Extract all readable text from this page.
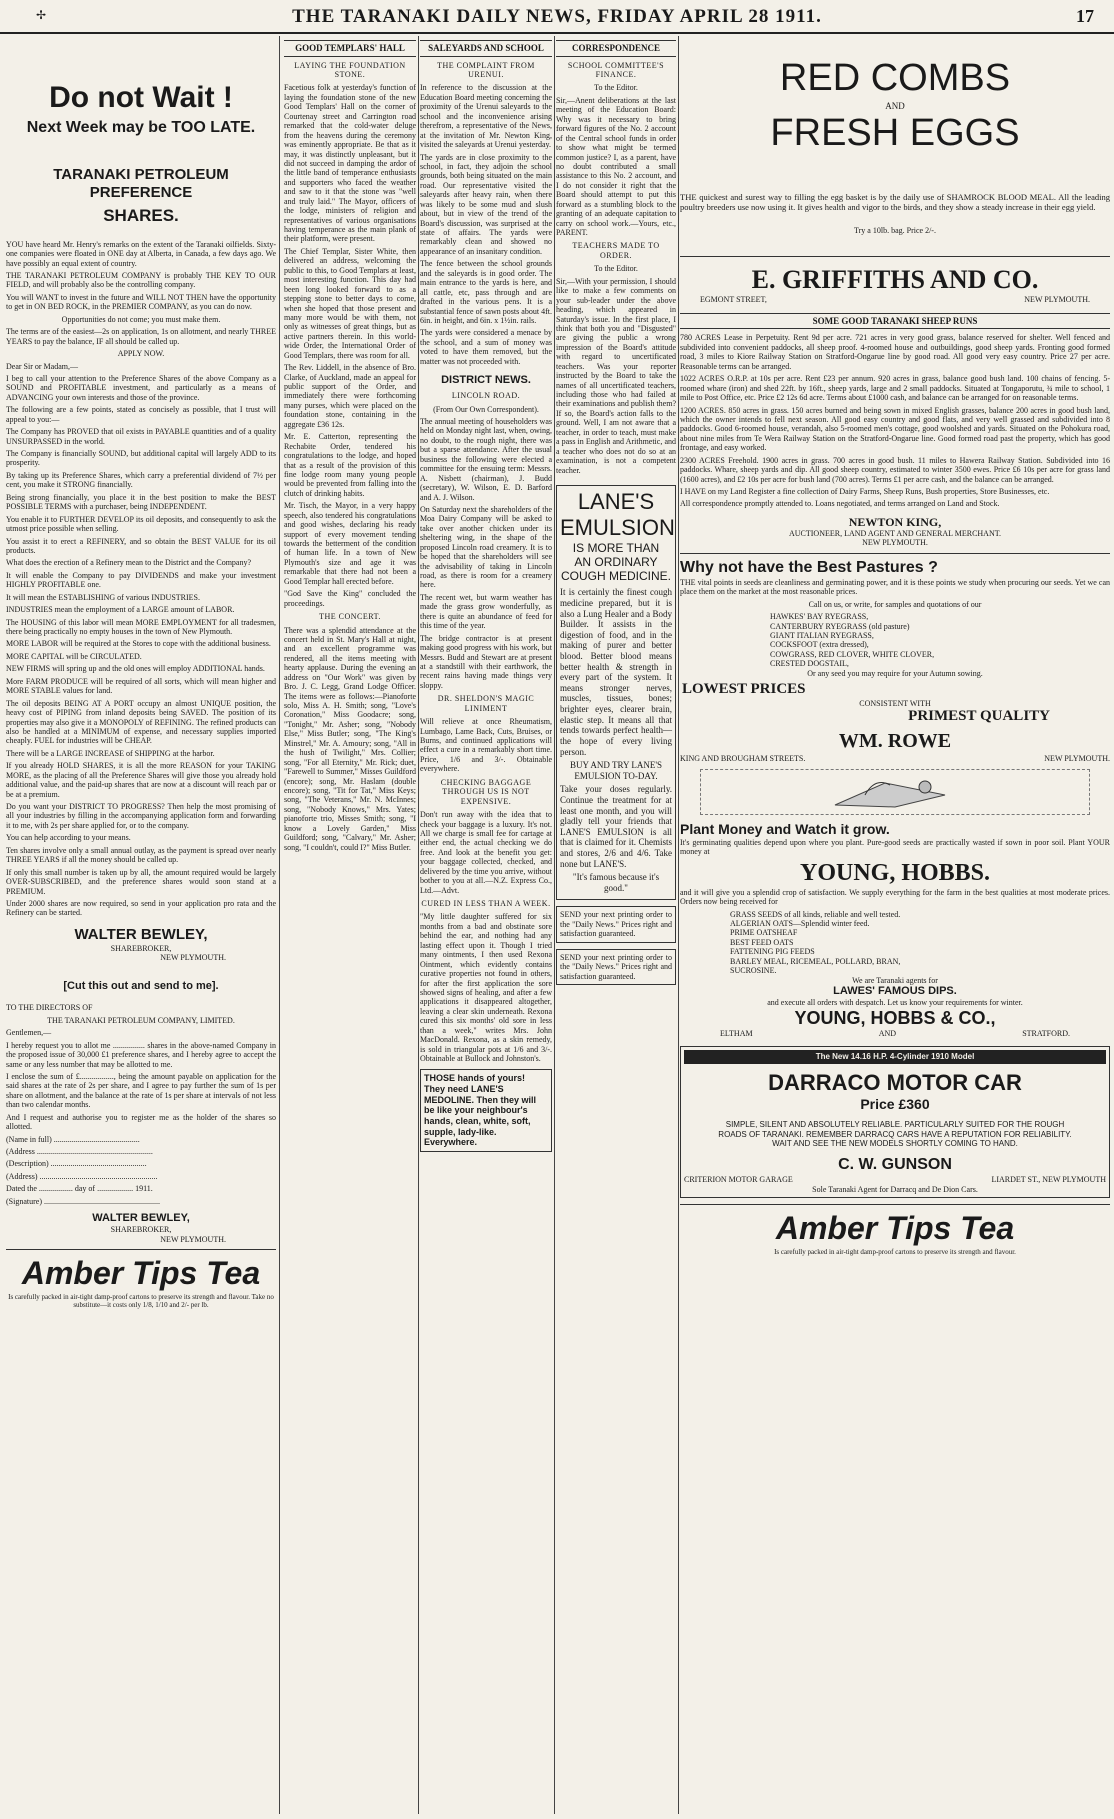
✢	THE TARANAKI DAILY NEWS, FRIDAY APRIL 28 1911.	17
Do not Wait !
Next Week may be TOO LATE.
TARANAKI PETROLEUM PREFERENCE
SHARES.

YOU have heard Mr. Henry's remarks on the extent of the Taranaki oilfields. Sixty-one companies were floated in ONE day at Alberta, in Canada, a few days ago. We have possibly an equal extent of country.

THE TARANAKI PETROLEUM COMPANY is probably THE KEY TO OUR FIELD, and will probably also be the controlling company.

You will WANT to invest in the future and WILL NOT THEN have the opportunity to get in ON BED ROCK, in the PREMIER COMPANY, as you can do now.

Opportunities do not come; you must make them.

The terms are of the easiest—2s on application, 1s on allotment, and nearly THREE YEARS to pay the balance, IF all should be called up.

APPLY NOW.

Dear Sir or Madam,—

I beg to call your attention to the Preference Shares of the above Company as a SOUND and PROFITABLE investment, and particularly as a means of ADVANCING your own interests and those of the province.

The following are a few points, stated as concisely as possible, that I trust will appeal to you:—

The Company has PROVED that oil exists in PAYABLE quantities and of a quality UNSURPASSED in the world.

The Company is financially SOUND, but additional capital will largely ADD to its prosperity.

By taking up its Preference Shares, which carry a preferential dividend of 7½ per cent, you make it STRONG financially.

Being strong financially, you place it in the best position to make the BEST POSSIBLE TERMS with a purchaser, being INDEPENDENT.

You enable it to FURTHER DEVELOP its oil deposits, and consequently to ask the utmost price possible when selling.

You assist it to erect a REFINERY, and so obtain the BEST VALUE for its oil products.

What does the erection of a Refinery mean to the District and the Company?

It will enable the Company to pay DIVIDENDS and make your investment HIGHLY PROFITABLE one.

It will mean the ESTABLISHING of various INDUSTRIES.

INDUSTRIES mean the employment of a LARGE amount of LABOR.

The HOUSING of this labor will mean MORE EMPLOYMENT for all tradesmen, there being practically no empty houses in the town of New Plymouth.

MORE LABOR will be required at the Stores to cope with the additional business.

MORE CAPITAL will be CIRCULATED.

NEW FIRMS will spring up and the old ones will employ ADDITIONAL hands.

More FARM PRODUCE will be required of all sorts, which will mean higher and MORE STABLE values for land.

The oil deposits BEING AT A PORT occupy an almost UNIQUE position, the heavy cost of PIPING from inland deposits being SAVED. The position of its properties may also give it a MONOPOLY of REFINING. The refined products can also be handled at a MINIMUM of expense, and necessary supplies imported cheaply. FUEL for industries will be CHEAP.

There will be a LARGE INCREASE of SHIPPING at the harbor.

If you already HOLD SHARES, it is all the more REASON for your TAKING MORE, as the placing of all the Preference Shares will give those you already hold additional value, and the paid-up shares that are now at a discount will reach par or be at a premium.

Do you want your DISTRICT TO PROGRESS? Then help the most promising of all your industries by filling in the accompanying application form and forwarding it to me, with 2s per share applied for, or to the company.

You can help according to your means.

Ten shares involve only a small annual outlay, as the payment is spread over nearly THREE YEARS if all the money should be called up.

If only this small number is taken up by all, the amount required would be largely OVER-SUBSCRIBED, and the preference shares would soon stand at a PREMIUM.

Under 2000 shares are now required, so send in your application pro rata and the Refinery can be started.

WALTER BEWLEY,
SHAREBROKER,
NEW PLYMOUTH.
[Cut this out and send to me].

TO THE DIRECTORS OF

THE TARANAKI PETROLEUM COMPANY, LIMITED.

Gentlemen,—

I hereby request you to allot me ................ shares in the above-named Company in the proposed issue of 30,000 £1 preference shares, and I hereby agree to accept the same or any less number that may be allotted to me.

I enclose the sum of £................., being the amount payable on application for the said shares at the rate of 2s per share, and I agree to pay further the sum of 1s per share on allotment, and the balance at the rate of 1s per share at intervals of not less than two calendar months.

And I request and authorise you to register me as the holder of the shares so allotted.

(Name in full) ...........................................

(Address ..........................................................

(Description) ................................................

(Address) ...........................................................

Dated the ................. day of .................. 1911.

(Signature) ..........................................................

WALTER BEWLEY,
SHAREBROKER,
NEW PLYMOUTH.
Amber Tips Tea
Is carefully packed in air-tight damp-proof cartons to preserve its strength and flavour. Take no substitute—it costs only 1/8, 1/10 and 2/- per lb.
GOOD TEMPLARS' HALL
LAYING THE FOUNDATION STONE.

Facetious folk at yesterday's function of laying the foundation stone of the new Good Templars' Hall on the corner of Courtenay street and Carrington road remarked that the cold-water deluge from the heavens during the ceremony was eminently appropriate. Be that as it may, it was distinctly unpleasant, but it did not succeed in damping the ardor of the little band of temperance enthusiasts and supporters who faced the weather and saw to it that the stone was "well and truly laid." The Mayor, officers of the lodge, ministers of religion and representatives of various organisations having temperance as the main plank of their platform, were present.

The Chief Templar, Sister White, then delivered an address, welcoming the public to this, to Good Templars at least, most interesting function. This day had been long looked forward to as a stepping stone to better days to come, when she hoped that those present and many more would be with them, not only as witnesses of great things, but as active partners therein. In this world-wide Order, the International Order of Good Templars, there was room for all.

The Rev. Liddell, in the absence of Bro. Clarke, of Auckland, made an appeal for public support of the Order, and immediately there were forthcoming many purses, which were placed on the foundation stone, containing in the aggregate £36 12s.

Mr. E. Catterton, representing the Rechabite Order, tendered his congratulations to the lodge, and hoped that as a result of the provision of this fine lodge room many young people would be prevented from falling into the clutch of drinking habits.

Mr. Tisch, the Mayor, in a very happy speech, also tendered his congratulations and good wishes, declaring his ready support of every movement tending towards the betterment of the condition of human life. In a town of New Plymouth's size and age it was remarkable that there had not been a Good Templar hall erected before.

"God Save the King" concluded the proceedings.

THE CONCERT.

There was a splendid attendance at the concert held in St. Mary's Hall at night, and an excellent programme was rendered, all the items meeting with hearty applause. During the evening an address on "Our Work" was given by Bro. J. C. Legg, Grand Lodge Officer. The items were as follows:—Pianoforte solo, Miss A. H. Smith; song, "Love's Coronation," Miss Goodacre; song, "Tonight," Mr. Asher; song, "Nobody Else," Miss Butler; song, "The King's Minstrel," Mr. A. Amoury; song, "All in the hush of Twilight," Mrs. Collier; song, "For all Eternity," Mr. Rick; duet, "Farewell to Summer," Misses Guildford (encore); song, Mr. Haslam (double encore); song, "Tit for Tat," Miss Keys; song, "The Veterans," Mr. N. McInnes; song, "Nobody Knows," Mrs. Yates; pianoforte trio, Misses Smith; song, "I know a Lovely Garden," Miss Guildford; song, "Calvary," Mr. Asher; song, "I couldn't, could I?" Miss Butler.

SALEYARDS AND SCHOOL
THE COMPLAINT FROM URENUI.

In reference to the discussion at the Education Board meeting concerning the proximity of the Urenui saleyards to the school and the inconvenience arising therefrom, a representative of the News, at the invitation of Mr. Newton King, visited the saleyards at Urenui yesterday.

The yards are in close proximity to the school, in fact, they adjoin the school grounds, both being situated on the main road. Our representative visited the saleyards after heavy rain, when there was likely to be some mud and slush about, but in view of the trend of the Board's discussion, was surprised at the state of affairs. The yards were remarkably clean and showed no appearance of an insanitary condition.

The fence between the school grounds and the saleyards is in good order. The main entrance to the yards is here, and all cattle, etc, pass through and are drafted in the various pens. It is a substantial fence of sawn posts about 4ft. 6in. in height, and 6in. x 1½in. rails.

The yards were considered a menace by the school, and a sum of money was voted to have them removed, but the matter was not proceeded with.

DISTRICT NEWS.
LINCOLN ROAD.

(From Our Own Correspondent).

The annual meeting of householders was held on Monday night last, when, owing, no doubt, to the rough night, there was but a sparse attendance. After the usual business the following were elected a committee for the ensuing term: Messrs. A. Nisbett (chairman), J. Budd (secretary), W. Wilson, E. D. Barford and A. J. Wilson.

On Saturday next the shareholders of the Moa Dairy Company will be asked to take over another chicken under its sheltering wing, in the shape of the proposed Lincoln road creamery. It is to be hoped that the shareholders will see the advisability of taking in Lincoln road, as there is room for a creamery here.

The recent wet, but warm weather has made the grass grow wonderfully, as there is quite an abundance of feed for this time of the year.

The bridge contractor is at present making good progress with his work, but Messrs. Budd and Stewart are at present at a standstill with their earthwork, the recent rains having made things very sloppy.

DR. SHELDON'S MAGIC LINIMENT

Will relieve at once Rheumatism, Lumbago, Lame Back, Cuts, Bruises, or Burns, and continued applications will effect a cure in a remarkably short time. Price, 1/6 and 3/-. Obtainable everywhere.

CHECKING BAGGAGE THROUGH US IS NOT EXPENSIVE.

Don't run away with the idea that to check your baggage is a luxury. It's not. All we charge is small fee for cartage at either end, the actual checking we do free. And look at the benefit you get: your baggage collected, checked, and delivered by the time you arrive, without bother to you at all.—N.Z. Express Co., Ltd.—Advt.

CURED IN LESS THAN A WEEK.

"My little daughter suffered for six months from a bad and obstinate sore behind the ear, and nothing had any lasting effect upon it. Though I tried many ointments, I then used Rexona Ointment, which evidently contains curative properties not found in others, for after the first application the sore showed signs of healing, and after a few applications it disappeared altogether, leaving a clear skin underneath. Rexona cured this six months' old sore in less than a week," writes Mrs. John MacDonald. Rexona, as a skin remedy, is sold in triangular pots at 1/6 and 3/-. Obtainable at Bullock and Johnston's.

THOSE hands of yours! They need LANE'S MEDOLINE. Then they will be like your neighbour's hands, clean, white, soft, supple, lady-like. Everywhere.
CORRESPONDENCE
SCHOOL COMMITTEE'S FINANCE.

To the Editor.

Sir,—Anent deliberations at the last meeting of the Education Board: Why was it necessary to bring forward figures of the No. 2 account of the Central school funds in order to show what might be termed common justice? I, as a parent, have no doubt contributed a small assistance to this No. 2 account, and I do not consider it right that the Board should attempt to put this forward as a stumbling block to the granting of an adequate capitation to carry on school work.—Yours, etc., PARENT.

TEACHERS MADE TO ORDER.

To the Editor.

Sir,—With your permission, I should like to make a few comments on your sub-leader under the above heading, which appeared in Saturday's issue. In the first place, I think that both you and "Disgusted" are giving the public a wrong impression of the Board's attitude with regard to uncertificated teachers. Was your reporter instructed by the Board to take the names of all uncertificated teachers, including those who had failed at their examinations and publish them? If so, the Board's action falls to the ground. Well, I am not aware that a teacher, in order to teach, must make a pass in English and Arithmetic, and a teacher who does not do so at an examination, is not a competent teacher.

LANE'S
EMULSION
IS MORE THAN
AN ORDINARY
COUGH MEDICINE.

It is certainly the finest cough medicine prepared, but it is also a Lung Healer and a Body Builder. It assists in the digestion of food, and in the making of purer and better blood. Better blood means better health & strength in every part of the system. It means stronger nerves, muscles, tissues, bones; brighter eyes, clearer brain, elastic step. It means all that tends towards perfect health—the hope of every living person.

BUY AND TRY LANE'S EMULSION TO-DAY.

Take your doses regularly. Continue the treatment for at least one month, and you will gladly tell your friends that LANE'S EMULSION is all that is claimed for it. Chemists and stores, 2/6 and 4/6. Take none but LANE'S.

"It's famous because it's good."

SEND your next printing order to the "Daily News." Prices right and satisfaction guaranteed.

SEND your next printing order to the "Daily News." Prices right and satisfaction guaranteed.

RED COMBS
AND
FRESH EGGS

THE quickest and surest way to filling the egg basket is by the daily use of SHAMROCK BLOOD MEAL. All the leading poultry breeders use now using it. It gives health and vigor to the birds, and they show a steady increase in their egg yield.

Try a 10lb. bag. Price 2/-.

E. GRIFFITHS AND CO.
EGMONT STREET,	NEW PLYMOUTH.
SOME GOOD TARANAKI SHEEP RUNS

780 ACRES Lease in Perpetuity. Rent 9d per acre. 721 acres in very good grass, balance reserved for shelter. Well fenced and subdivided into convenient paddocks, all sheep proof. 4-roomed house and outbuildings, good sheep yards. Fronting good formed road, 3 miles to Kiore Railway Station on Stratford-Ongarue line by good road. All good very easy country. Price 27 per acre. Reasonable terms can be arranged.

1022 ACRES O.R.P. at 10s per acre. Rent £23 per annum. 920 acres in grass, balance good bush land. 100 chains of fencing. 5-roomed whare (iron) and shed 22ft. by 16ft., sheep yards, large and 2 small paddocks. Situated at Tongaporutu, ¾ mile to school, 1 mile to Post Office, etc. Price £2 12s 6d acre. Terms about £1000 cash, and balance can be arranged for on reasonable terms.

1200 ACRES. 850 acres in grass. 150 acres burned and being sown in mixed English grasses, balance 200 acres in good bush land, which the owner intends to fell next season. All good easy country and good flats, and very well grassed and subdivided into 8 paddocks. Good 6-roomed house, verandah, also 5-roomed men's cottage, good woolshed and yards. Situated on the Pohokura road, about nine miles from Te Wera Railway Station on the Stratford-Ongarue line. Good formed road past the property, which has good frontage, and easy worked.

2300 ACRES Freehold. 1900 acres in grass. 700 acres in good bush. 11 miles to Hawera Railway Station. Subdivided into 16 paddocks. Whare, sheep yards and dip. All good sheep country, estimated to winter 3500 ewes. Price £6 10s per acre for grass land (1600 acres), and £2 10s per acre for bush land (700 acres). Terms £1 per acre cash, and the balance can be arranged.

I HAVE on my Land Register a fine collection of Dairy Farms, Sheep Runs, Bush properties, Store Businesses, etc.

All correspondence promptly attended to. Loans negotiated, and terms arranged on Land and Stock.

NEWTON KING,
AUCTIONEER, LAND AGENT AND GENERAL MERCHANT.
NEW PLYMOUTH.
Why not have the Best Pastures ?

THE vital points in seeds are cleanliness and germinating power, and it is these points we study when procuring our seeds. Yet we can place them on the market at the most reasonable prices.

Call on us, or write, for samples and quotations of our

HAWKES' BAY RYEGRASS,
CANTERBURY RYEGRASS (old pasture)
GIANT ITALIAN RYEGRASS,
COCKSFOOT (extra dressed),
COWGRASS, RED CLOVER, WHITE CLOVER,
CRESTED DOGSTAIL,

Or any seed you may require for your Autumn sowing.

LOWEST PRICES
CONSISTENT WITH
PRIMEST QUALITY
WM. ROWE
KING AND BROUGHAM STREETS.	NEW PLYMOUTH.
Plant Money and Watch it grow.

It's germinating qualities depend upon where you plant. Pure-good seeds are practically wasted if sown in poor soil. Plant YOUR money at

YOUNG, HOBBS.

and it will give you a splendid crop of satisfaction. We supply everything for the farm in the best qualities at most moderate prices. Orders now being received for

GRASS SEEDS of all kinds, reliable and well tested.
ALGERIAN OATS—Splendid winter feed.
PRIME OATSHEAF
BEST FEED OATS
FATTENING PIG FEEDS
BARLEY MEAL, RICEMEAL, POLLARD, BRAN,
SUCROSINE.
We are Taranaki agents for
LAWES' FAMOUS DIPS.
and execute all orders with despatch. Let us know your requirements for winter.
YOUNG, HOBBS & CO.,
ELTHAM	AND	STRATFORD.
The New 14.16 H.P. 4-Cylinder 1910 Model
DARRACO MOTOR CAR
Price £360

SIMPLE, SILENT AND ABSOLUTELY RELIABLE. PARTICULARLY SUITED FOR THE ROUGH ROADS OF TARANAKI. REMEMBER DARRACQ CARS HAVE A REPUTATION FOR RELIABILITY. WAIT AND SEE THE NEW MODELS SHORTLY COMING TO HAND.

C. W. GUNSON
CRITERION MOTOR GARAGE	LIARDET ST., NEW PLYMOUTH
Sole Taranaki Agent for Darracq and De Dion Cars.
Amber Tips Tea
Is carefully packed in air-tight damp-proof cartons to preserve its strength and flavour.
